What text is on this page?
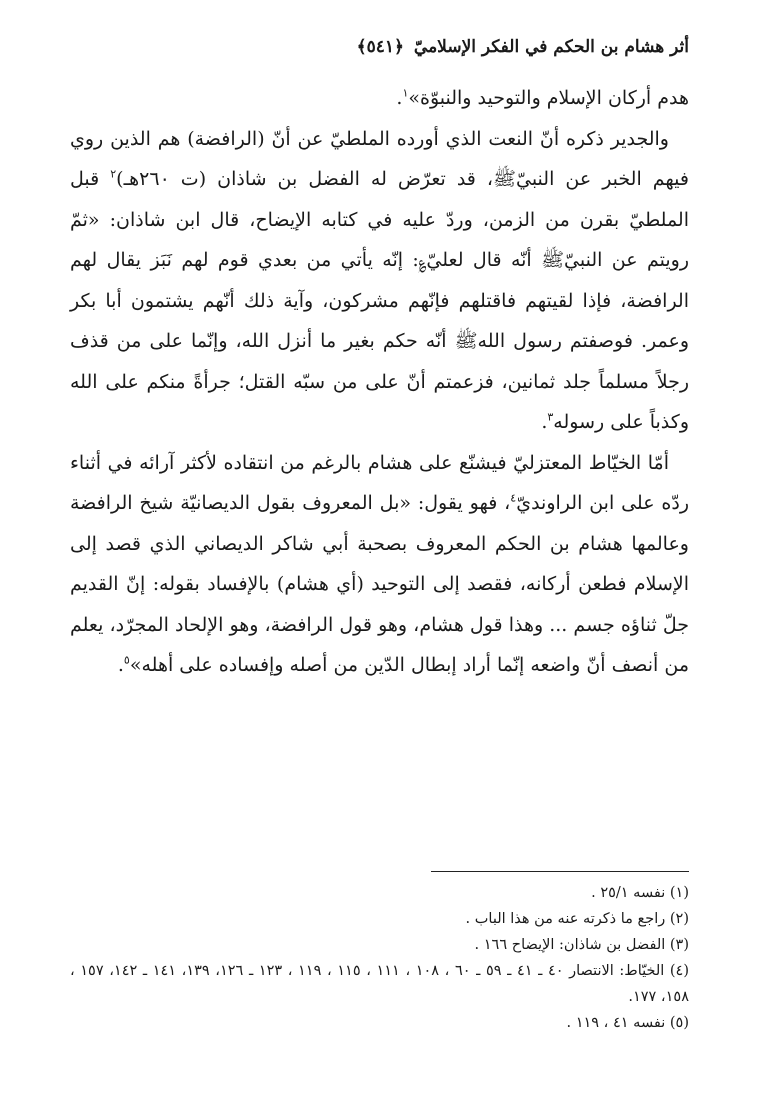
أثر هشام بن الحكم في الفكر الإسلاميّ ﴿٥٤١﴾

هدم أركان الإسلام والتوحيد والنبوّة»$^١$.

والجدير ذكره أنّ النعت الذي أورده الملطيّ عن أنّ (الرافضة) هم الذين روي فيهم الخبر عن النبيّﷺ، قد تعرّض له الفضل بن شاذان (ت ٢٦٠هـ)$^٢$ قبل الملطيّ بقرن من الزمن، وردّ عليه في كتابه الإيضاح، قال ابن شاذان: «ثمّ رويتم عن النبيّﷺ أنّه قال لعليّ؏: إنّه يأتي من بعدي قوم لهم نَبَز يقال لهم الرافضة، فإذا لقيتهم فاقتلهم فإنّهم مشركون، وآية ذلك أنّهم يشتمون أبا بكر وعمر. فوصفتم رسول اللهﷺ أنّه حكم بغير ما أنزل الله، وإنّما على من قذف رجلاً مسلماً جلد ثمانين، فزعمتم أنّ على من سبّه القتل؛ جرأةً منكم على الله وكذباً على رسوله$^٣$.

أمّا الخيّاط المعتزليّ فيشنّع على هشام بالرغم من انتقاده لأكثر آرائه في أثناء ردّه على ابن الراونديّ$^٤$، فهو يقول: «بل المعروف بقول الديصانيّة شيخ الرافضة وعالمها هشام بن الحكم المعروف بصحبة أبي شاكر الديصاني الذي قصد إلى الإسلام فطعن أركانه، فقصد إلى التوحيد (أي هشام) بالإفساد بقوله: إنّ القديم جلّ ثناؤه جسم ... وهذا قول هشام، وهو قول الرافضة، وهو الإلحاد المجرّد، يعلم من أنصف أنّ واضعه إنّما أراد إبطال الدّين من أصله وإفساده على أهله»$^٥$.

(١) نفسه ٢٥/١ .

(٢) راجع ما ذكرته عنه من هذا الباب .

(٣) الفضل بن شاذان: الإيضاح ١٦٦ .

(٤) الخيّاط: الانتصار ٤٠ ـ ٤١ ـ ٥٩ ـ ٦٠ ، ١٠٨ ، ١١١ ، ١١٥ ، ١١٩ ، ١٢٣ ـ ١٢٦، ١٣٩، ١٤١ ـ ١٤٢، ١٥٧ ، ١٥٨، ١٧٧.

(٥) نفسه ٤١ ، ١١٩ .
